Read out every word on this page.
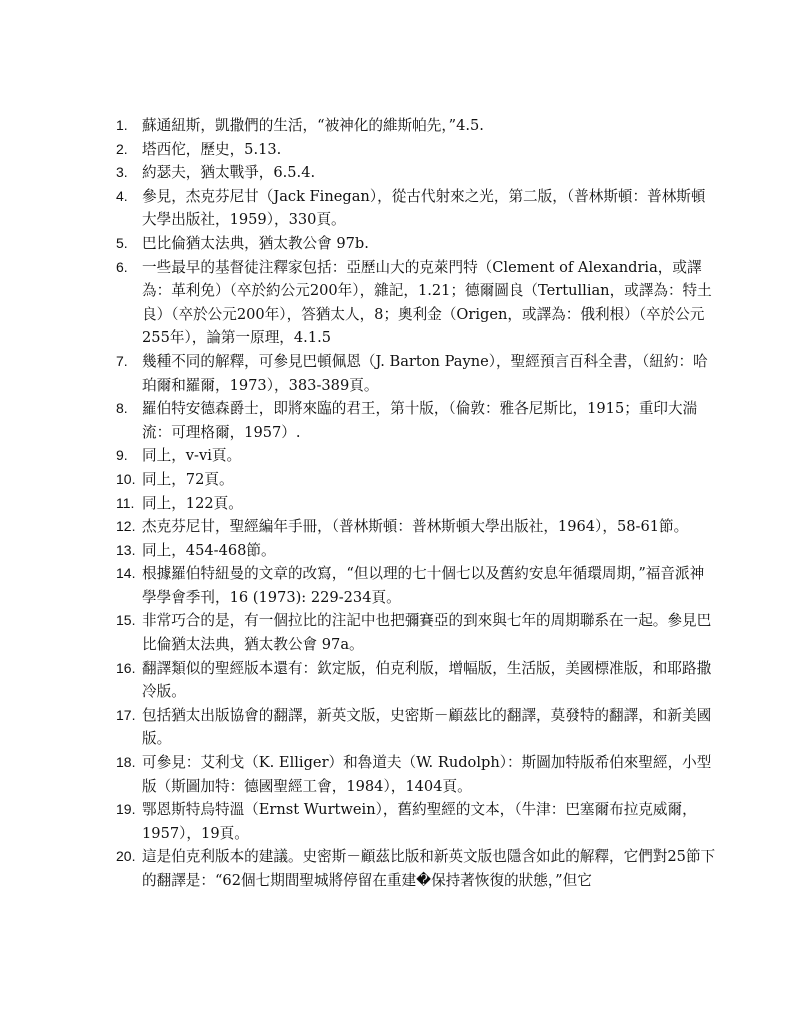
1. 蘇通紐斯，凱撒們的生活，“被神化的維斯帕先，”4.5.
2. 塔西佗，歷史，5.13.
3. 約瑟夫，猶太戰爭，6.5.4.
4. 參見，杰克芬尼甘（Jack Finegan），從古代射來之光，第二版，（普林斯頓：普林斯頓大學出版社，1959），330頁。
5. 巴比倫猶太法典，猶太教公會 97b.
6. 一些最早的基督徒注釋家包括：亞歷山大的克萊門特（Clement of Alexandria，或譯為：革利免）（卒於約公元200年），雜記，1.21；德爾圖良（Tertullian，或譯為：特土良）（卒於公元200年），答猶太人，8；奧利金（Origen，或譯為：俄利根）（卒於公元255年），論第一原理，4.1.5
7. 幾種不同的解釋，可參見巴頓佩恩（J. Barton Payne），聖經預言百科全書，（紐約：哈珀爾和羅爾，1973），383-389頁。
8. 羅伯特安德森爵士，即將來臨的君王，第十版，（倫敦：雅各尼斯比，1915；重印大湍流：可理格爾，1957）.
9. 同上，v-vi頁。
10. 同上，72頁。
11. 同上，122頁。
12. 杰克芬尼甘，聖經編年手冊，（普林斯頓：普林斯頓大學出版社，1964），58-61節。
13. 同上，454-468節。
14. 根據羅伯特紐曼的文章的改寫，“但以理的七十個七以及舊約安息年循環周期，”福音派神學學會季刊，16 (1973): 229-234頁。
15. 非常巧合的是，有一個拉比的注記中也把彌賽亞的到來與七年的周期聯系在一起。參見巴比倫猶太法典，猶太教公會 97a。
16. 翻譯類似的聖經版本還有：欽定版，伯克利版，增幅版，生活版，美國標准版，和耶路撒冷版。
17. 包括猶太出版協會的翻譯，新英文版，史密斯－顧茲比的翻譯，莫發特的翻譯，和新美國版。
18. 可參見：艾利戈（K. Elliger）和魯道夫（W. Rudolph）：斯圖加特版希伯來聖經，小型版（斯圖加特：德國聖經工會，1984），1404頁。
19. 鄂恩斯特烏特溫（Ernst Wurtwein），舊約聖經的文本，（牛津：巴塞爾布拉克威爾，1957），19頁。
20. 這是伯克利版本的建議。史密斯－顧茲比版和新英文版也隱含如此的解釋，它們對25節下的翻譯是：“62個七期間聖城將停留在重建�保持著恢復的狀態，”但它
